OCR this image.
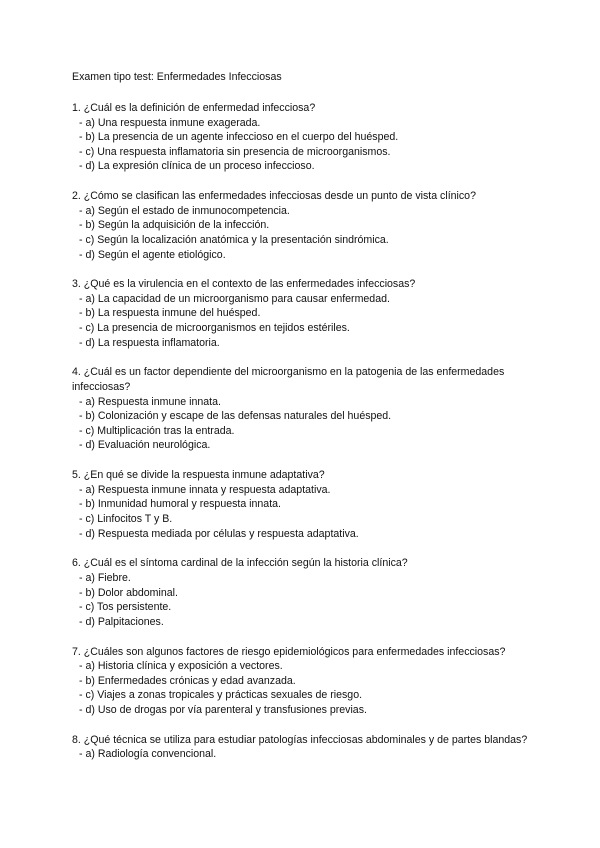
Examen tipo test: Enfermedades Infecciosas
1. ¿Cuál es la definición de enfermedad infecciosa?
- a) Una respuesta inmune exagerada.
- b) La presencia de un agente infeccioso en el cuerpo del huésped.
- c) Una respuesta inflamatoria sin presencia de microorganismos.
- d) La expresión clínica de un proceso infeccioso.
2. ¿Cómo se clasifican las enfermedades infecciosas desde un punto de vista clínico?
- a) Según el estado de inmunocompetencia.
- b) Según la adquisición de la infección.
- c) Según la localización anatómica y la presentación sindrómica.
- d) Según el agente etiológico.
3. ¿Qué es la virulencia en el contexto de las enfermedades infecciosas?
- a) La capacidad de un microorganismo para causar enfermedad.
- b) La respuesta inmune del huésped.
- c) La presencia de microorganismos en tejidos estériles.
- d) La respuesta inflamatoria.
4. ¿Cuál es un factor dependiente del microorganismo en la patogenia de las enfermedades infecciosas?
- a) Respuesta inmune innata.
- b) Colonización y escape de las defensas naturales del huésped.
- c) Multiplicación tras la entrada.
- d) Evaluación neurológica.
5. ¿En qué se divide la respuesta inmune adaptativa?
- a) Respuesta inmune innata y respuesta adaptativa.
- b) Inmunidad humoral y respuesta innata.
- c) Linfocitos T y B.
- d) Respuesta mediada por células y respuesta adaptativa.
6. ¿Cuál es el síntoma cardinal de la infección según la historia clínica?
- a) Fiebre.
- b) Dolor abdominal.
- c) Tos persistente.
- d) Palpitaciones.
7. ¿Cuáles son algunos factores de riesgo epidemiológicos para enfermedades infecciosas?
- a) Historia clínica y exposición a vectores.
- b) Enfermedades crónicas y edad avanzada.
- c) Viajes a zonas tropicales y prácticas sexuales de riesgo.
- d) Uso de drogas por vía parenteral y transfusiones previas.
8. ¿Qué técnica se utiliza para estudiar patologías infecciosas abdominales y de partes blandas?
- a) Radiología convencional.
